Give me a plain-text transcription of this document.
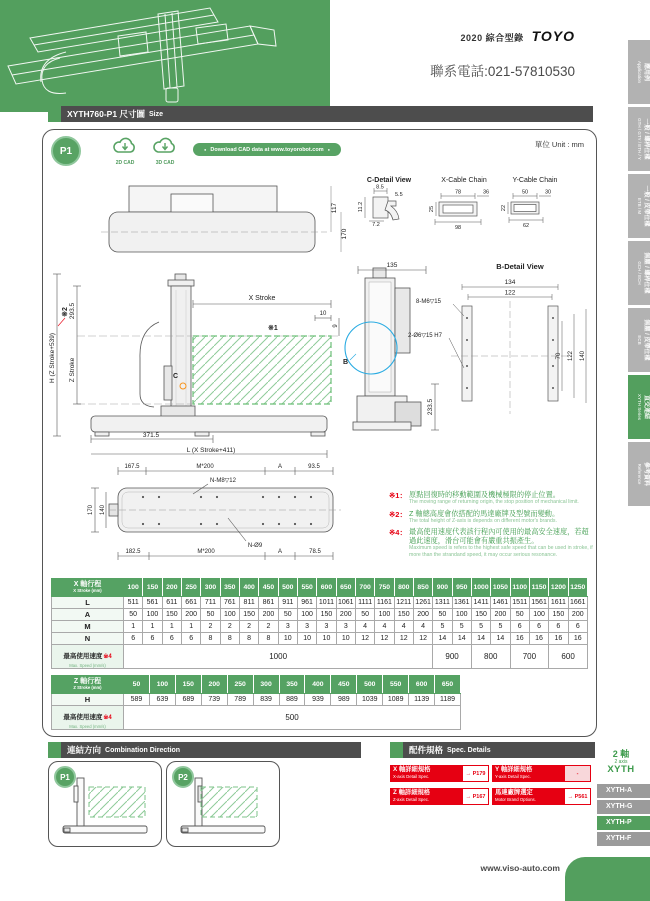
2020 綜合型錄 TOYO
聯系電話:021-57810530	應用例
Application
一般 / 螺桿仕樣
GTH / GTY / ETH / Y
一般 / 皮帶仕樣
ETB / M
無塵 / 螺桿仕樣
GCH / ECH
無塵 / 皮帶仕樣
ECB
直交連結
XYTH Series
參考資料
Reference
XYTH760-P1 尺寸圖 Size
P1
2D CAD	3D CAD
● Download CAD data at www.toyorobot.com ●
單位 Unit : mm
117
170
X Stroke
※1
10
9
H (Z Stroke+539)
293.5
Z Stroke
※2
C
371.5
L (X Stroke+411)
167.5	M*200	A	93.5
N-M8▽12
170 140
N-Ø9
182.5	M*200	A	78.5
135
233.5
B
C-Detail View
8.5
5.5
11.2
7.2
X-Cable Chain
78	36
25
98
Y-Cable Chain
50	30
22
62
B-Detail View
134
122
8-M6▽15
2-Ø6▽15 H7
70 122 140
※1： 原點回復時的移動範圍及機械極限的停止位置。
The moving range of returning origin, the stop position of mechanical limit.
※2： Z 軸總高度會依搭配的馬達廠牌及型號而變動。
The total height of Z-axis is depends on different motor's brands.
※4： 最高使用速度代表該行程內可使用的最高安全速度，若超過此速度，滑台可能會有嚴重共振產生。
Maximum speed is refers to the highest safe speed that can be used in stroke, if more than the strandand speed, it may occur serious resonance.
X 軸行程
X Stroke (mm)	100	150	200	250	300	350	400	450	500	550	600	650	700	750	800	850	900	950	1000	1050	1100	1150	1200	1250
L	511	561	611	661	711	761	811	861	911	961	1011	1061	1111	1161	1211	1261	1311	1361	1411	1461	1511	1561	1611	1661
A	50	100	150	200	50	100	150	200	50	100	150	200	50	100	150	200	50	100	150	200	50	100	150	200
M	1	1	1	1	2	2	2	2	3	3	3	3	4	4	4	4	5	5	5	5	6	6	6	6
N	6	6	6	6	8	8	8	8	10	10	10	10	12	12	12	12	14	14	14	14	16	16	16	16

最高使用速度※4
Max. Speed (mm/s)	1000																900		800		700		600	
Z 軸行程
Z Stroke (mm)	50	100	150	200	250	300	350	400	450	500	550	600	650
H	589	639	689	739	789	839	889	939	989	1039	1089	1139	1189

最高使用速度※4
Max. Speed (mm/s)	500												
連結方向 Combination Direction
P1	P2
配件規格 Spec. Details
X 軸詳細規格
X-axis Detail Spec.	→ P179
Y 軸詳細規格
Y-axis Detail Spec.	-
Z 軸詳細規格
Z-axis Detail Spec.	→ P167
馬達廠牌選定
Motor Brand Options.	→ P561
2 軸
2 axis
XYTH
XYTH-A
XYTH-G
XYTH-P
XYTH-F
www.viso-auto.com
